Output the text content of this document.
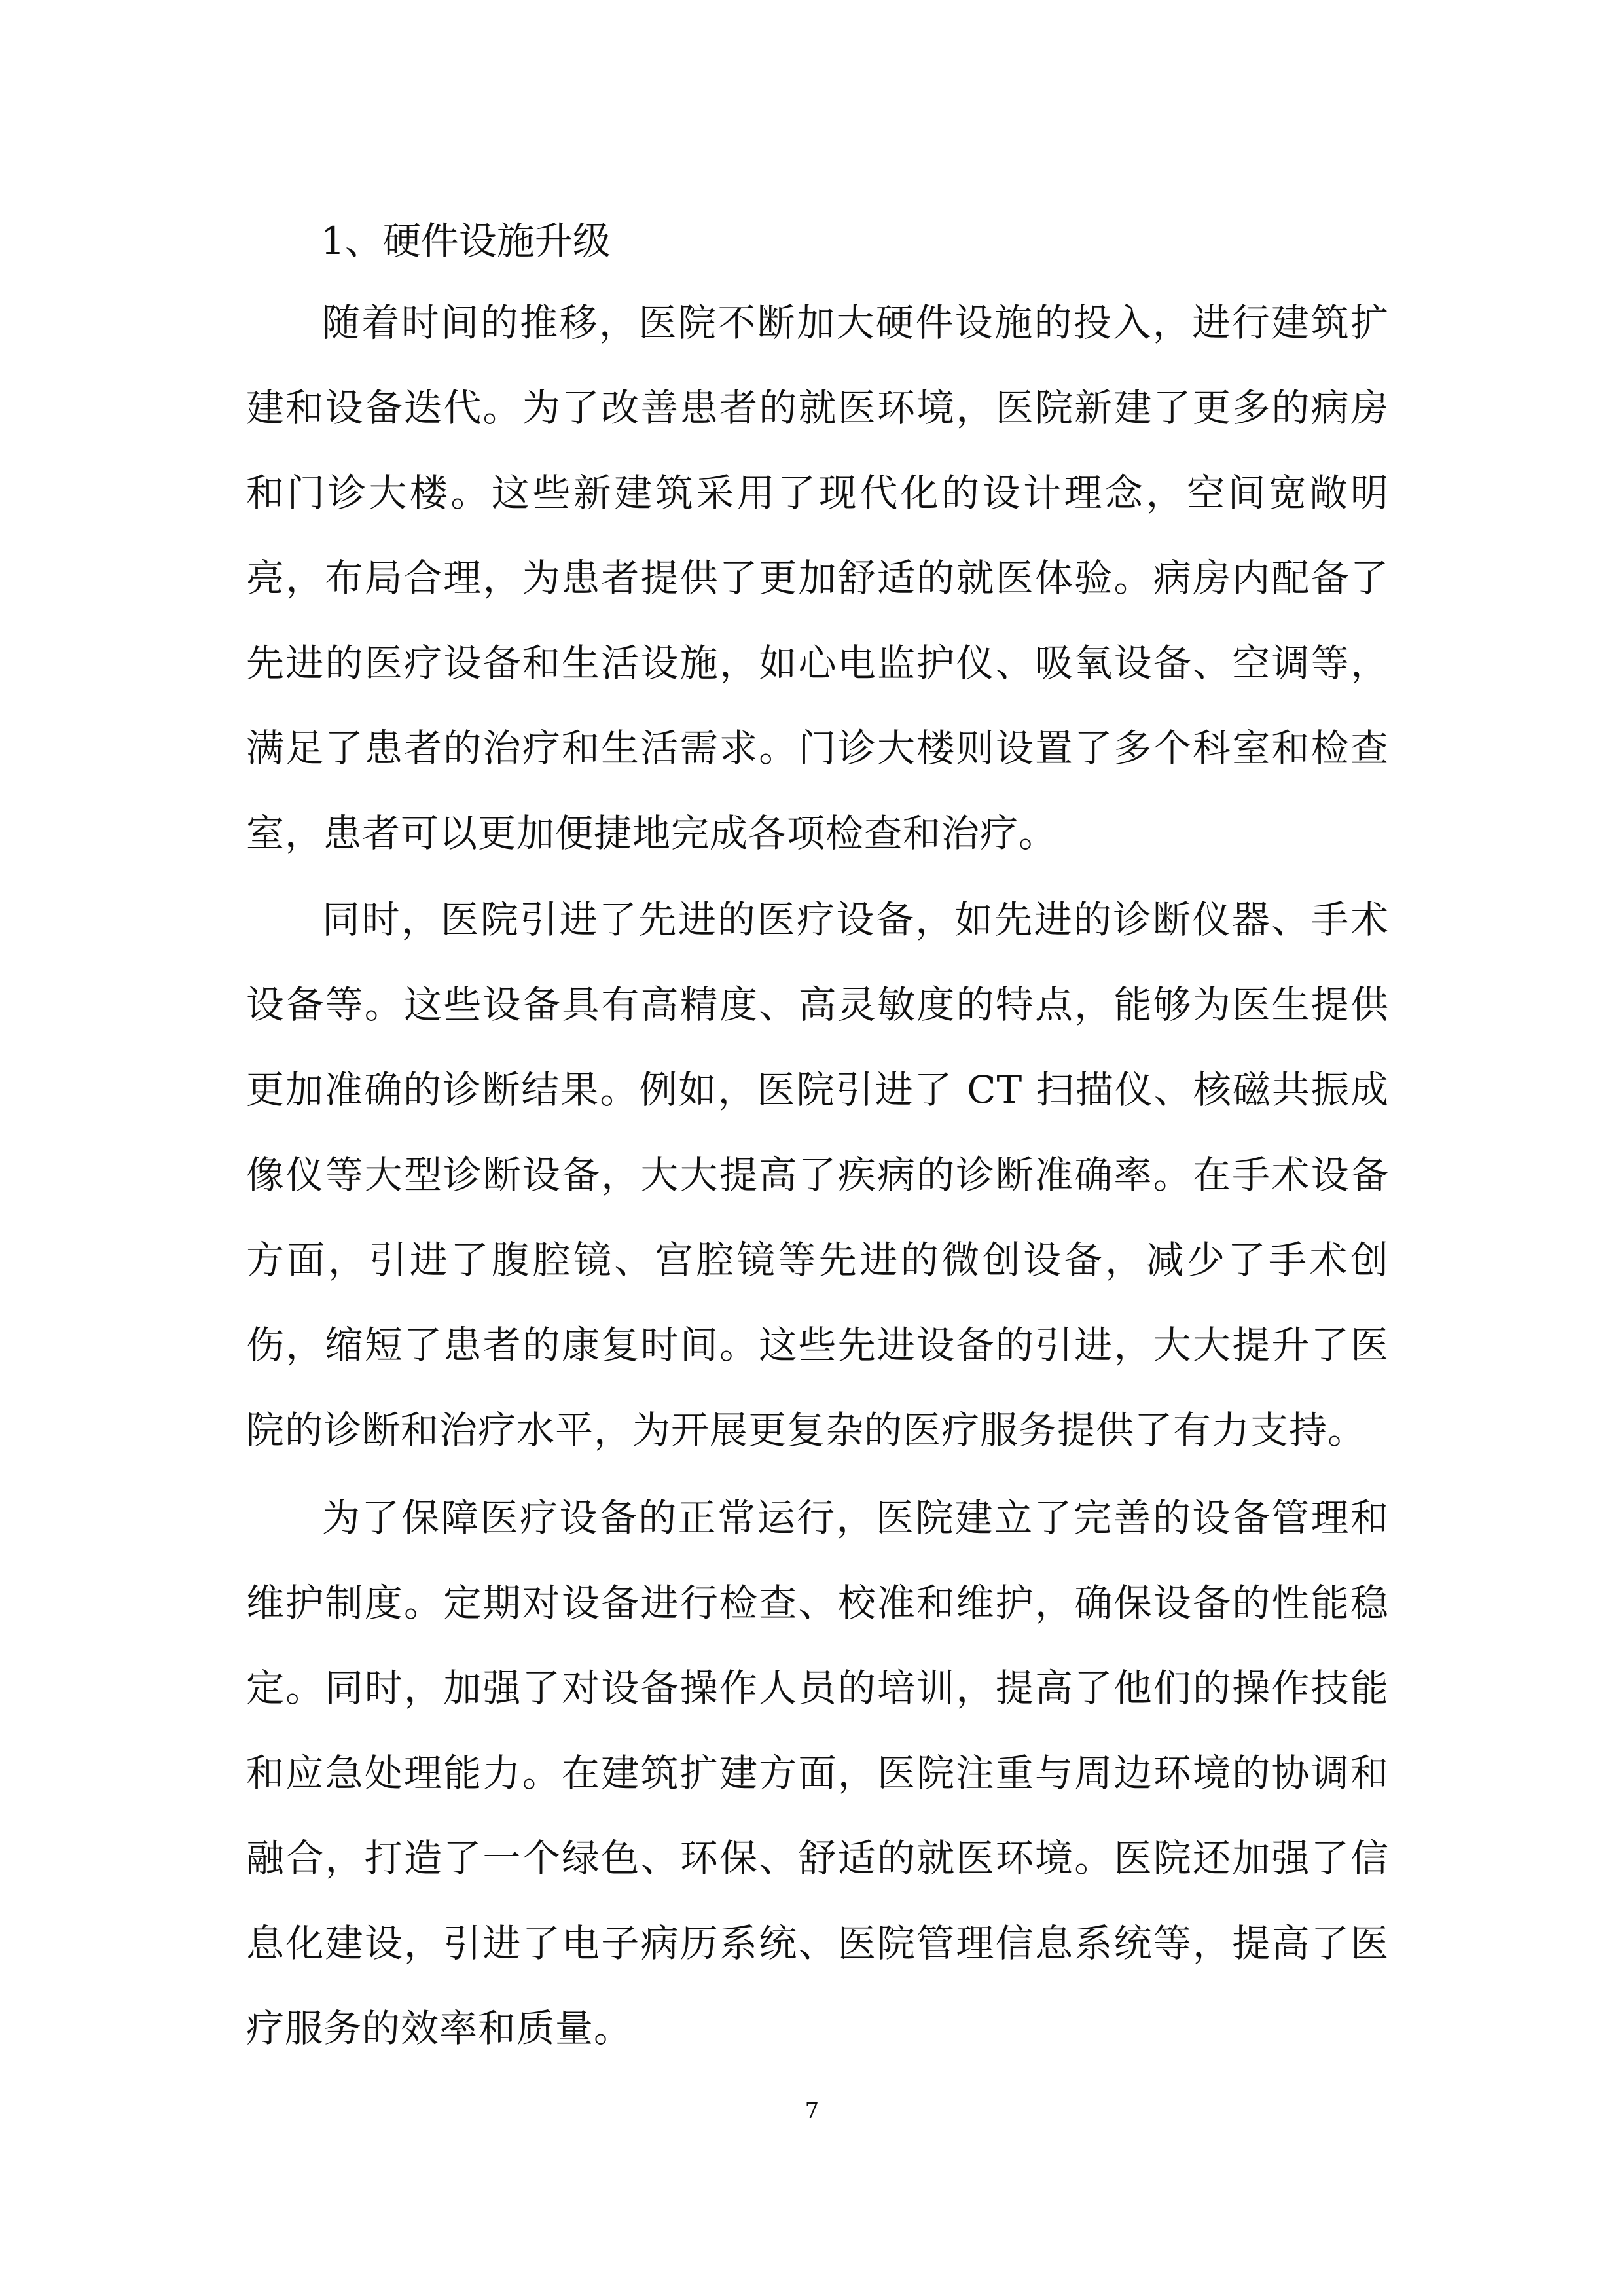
1、硬件设施升级

随着时间的推移，医院不断加大硬件设施的投入，进行建筑扩建和设备迭代。为了改善患者的就医环境，医院新建了更多的病房和门诊大楼。这些新建筑采用了现代化的设计理念，空间宽敞明亮，布局合理，为患者提供了更加舒适的就医体验。病房内配备了先进的医疗设备和生活设施，如心电监护仪、吸氧设备、空调等，满足了患者的治疗和生活需求。门诊大楼则设置了多个科室和检查室，患者可以更加便捷地完成各项检查和治疗。

同时，医院引进了先进的医疗设备，如先进的诊断仪器、手术设备等。这些设备具有高精度、高灵敏度的特点，能够为医生提供更加准确的诊断结果。例如，医院引进了 CT 扫描仪、核磁共振成像仪等大型诊断设备，大大提高了疾病的诊断准确率。在手术设备方面，引进了腹腔镜、宫腔镜等先进的微创设备，减少了手术创伤，缩短了患者的康复时间。这些先进设备的引进，大大提升了医院的诊断和治疗水平，为开展更复杂的医疗服务提供了有力支持。

为了保障医疗设备的正常运行，医院建立了完善的设备管理和维护制度。定期对设备进行检查、校准和维护，确保设备的性能稳定。同时，加强了对设备操作人员的培训，提高了他们的操作技能和应急处理能力。在建筑扩建方面，医院注重与周边环境的协调和融合，打造了一个绿色、环保、舒适的就医环境。医院还加强了信息化建设，引进了电子病历系统、医院管理信息系统等，提高了医疗服务的效率和质量。

7
